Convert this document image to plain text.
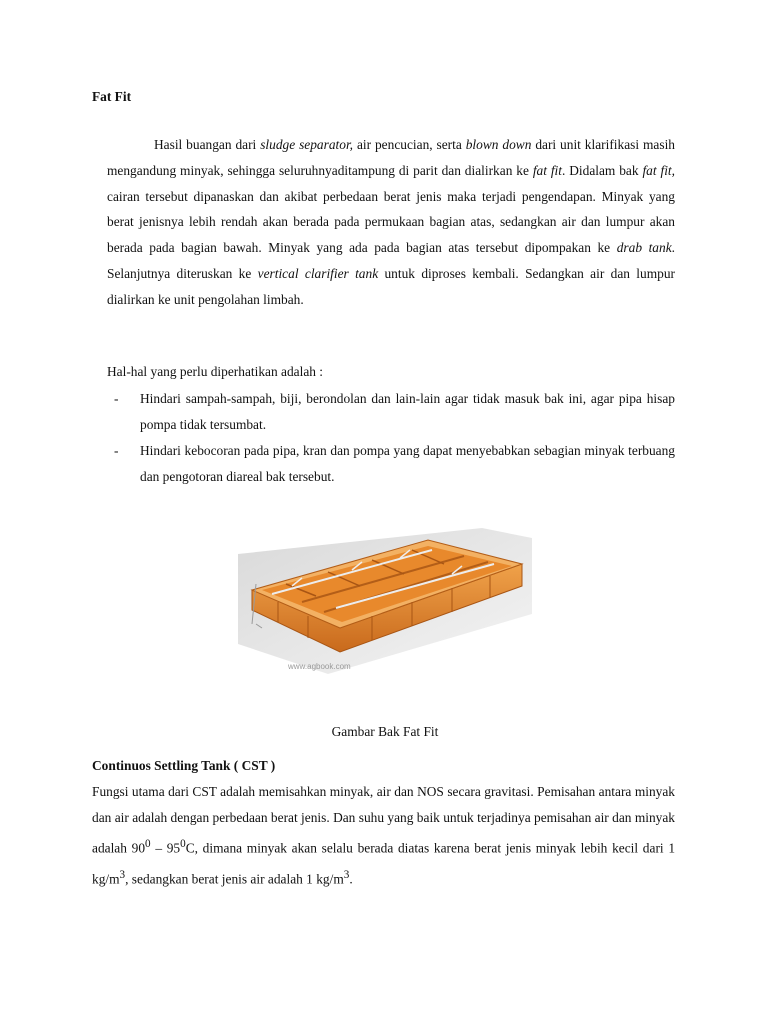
Fat Fit

Hasil buangan dari sludge separator, air pencucian, serta blown down dari unit klarifikasi masih mengandung minyak, sehingga seluruhnyaditampung di parit dan dialirkan ke fat fit. Didalam bak fat fit, cairan tersebut dipanaskan dan akibat perbedaan berat jenis maka terjadi pengendapan. Minyak yang berat jenisnya lebih rendah akan berada pada permukaan bagian atas, sedangkan air dan lumpur akan berada pada bagian bawah. Minyak yang ada pada bagian atas tersebut dipompakan ke drab tank. Selanjutnya diteruskan ke vertical clarifier tank untuk diproses kembali. Sedangkan air dan lumpur dialirkan ke unit pengolahan limbah.

Hal-hal yang perlu diperhatikan adalah :
- Hindari sampah-sampah, biji, berondolan dan lain-lain agar tidak masuk bak ini, agar pipa hisap pompa tidak tersumbat.
- Hindari kebocoran pada pipa, kran dan pompa yang dapat menyebabkan sebagian minyak terbuang dan pengotoran diareal bak tersebut.
www.agbook.com
Gambar Bak Fat Fit
Continuos Settling Tank ( CST )

Fungsi utama dari CST adalah memisahkan minyak, air dan NOS secara gravitasi. Pemisahan antara minyak dan air adalah dengan perbedaan berat jenis. Dan suhu yang baik untuk terjadinya pemisahan air dan minyak adalah $90^0 - 95^0C$, dimana minyak akan selalu berada diatas karena berat jenis minyak lebih kecil dari 1 $kg/m^3$, sedangkan berat jenis air adalah 1 $kg/m^3$.
